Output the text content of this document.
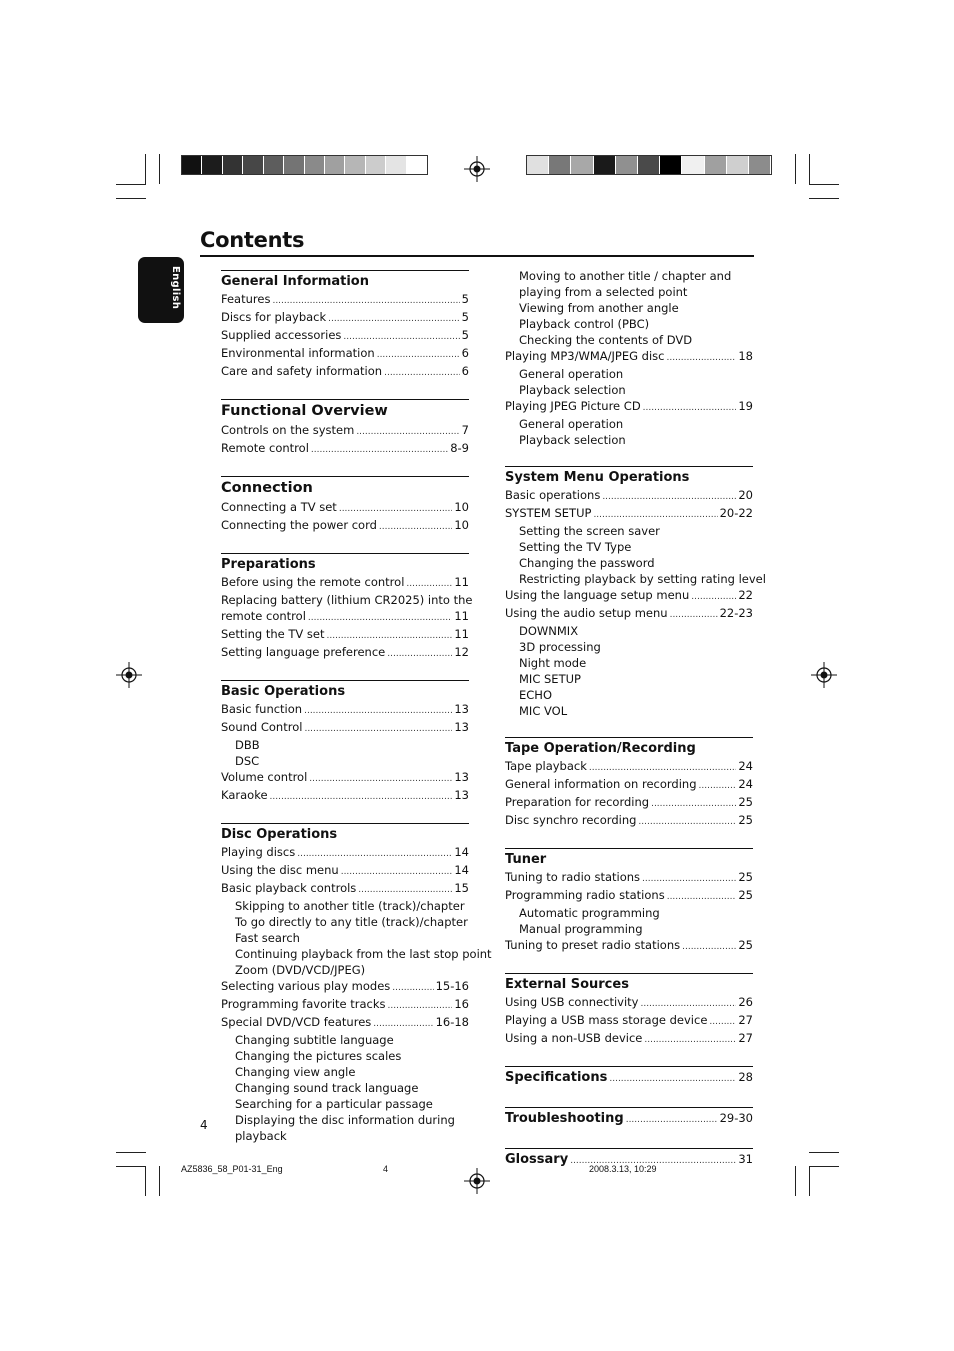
English
Contents
General Information
Features .....	5
Discs for playback .....	5
Supplied accessories .....	5
Environmental information .....	6
Care and safety information .....	6
Functional Overview
Controls on the system .....	7
Remote control .....	8-9
Connection
Connecting a TV set .....	10
Connecting the power cord .....	10
Preparations
Before using the remote control .....	11
Replacing battery (lithium CR2025) into the
remote control .....	11
Setting the TV set .....	11
Setting language preference .....	12
Basic Operations
Basic function .....	13
Sound Control .....	13
DBB
DSC
Volume control .....	13
Karaoke .....	13
Disc Operations
Playing discs .....	14
Using the disc menu .....	14
Basic playback controls .....	15
Skipping to another title (track)/chapter
To go directly to any title (track)/chapter
Fast search
Continuing playback from the last stop point
Zoom (DVD/VCD/JPEG)
Selecting various play modes .....	15-16
Programming favorite tracks .....	16
Special DVD/VCD features .....	16-18
Changing subtitle language
Changing the pictures scales
Changing view angle
Changing sound track language
Searching for a particular passage
Displaying the disc information during
playback
Moving to another title / chapter and
playing from a selected point
Viewing from another angle
Playback control (PBC)
Checking the contents of DVD
Playing MP3/WMA/JPEG disc .....	18
General operation
Playback selection
Playing JPEG Picture CD .....	19
General operation
Playback selection
System Menu Operations
Basic operations .....	20
SYSTEM SETUP .....	20-22
Setting the screen saver
Setting the TV Type
Changing the password
Restricting playback by setting rating level
Using the language setup menu .....	22
Using the audio setup menu .....	22-23
DOWNMIX
3D processing
Night mode
MIC SETUP
ECHO
MIC VOL
Tape Operation/Recording
Tape playback .....	24
General information on recording .....	24
Preparation for recording .....	25
Disc synchro recording .....	25
Tuner
Tuning to radio stations .....	25
Programming radio stations .....	25
Automatic programming
Manual programming
Tuning to preset radio stations .....	25
External Sources
Using USB connectivity .....	26
Playing a USB mass storage device .....	27
Using a non-USB device .....	27
Specifications .....	28
Troubleshooting .....	29-30
Glossary .....	31
4
AZ5836_58_P01-31_Eng	4	2008.3.13, 10:29
